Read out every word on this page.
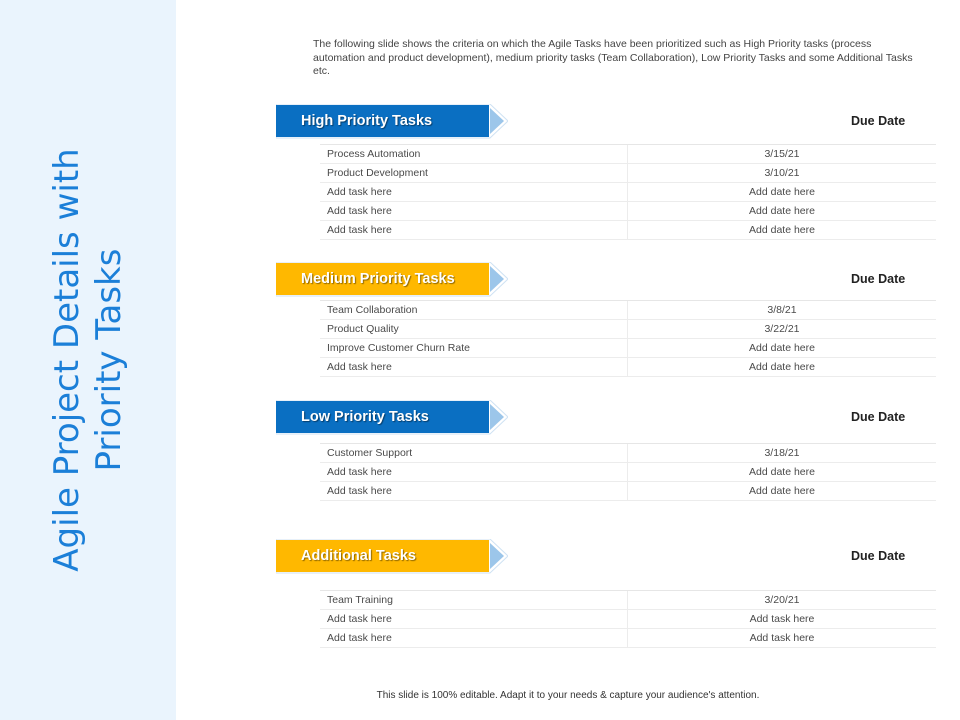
Agile Project Details with Priority Tasks
The following slide shows the criteria on which the Agile Tasks have been prioritized such as High Priority tasks (process automation and product development), medium priority tasks (Team Collaboration), Low Priority Tasks and some Additional Tasks etc.
High Priority Tasks	Due Date
Process Automation	3/15/21
Product Development	3/10/21
Add task here	Add date here
Add task here	Add date here
Add task here	Add date here
Medium Priority Tasks	Due Date
Team Collaboration	3/8/21
Product Quality	3/22/21
Improve Customer Churn Rate	Add date here
Add task here	Add date here
Low Priority Tasks	Due Date
Customer Support	3/18/21
Add task here	Add date here
Add task here	Add date here
Additional Tasks	Due Date
Team Training	3/20/21
Add task here	Add task here
Add task here	Add task here
This slide is 100% editable. Adapt it to your needs & capture your audience's attention.
